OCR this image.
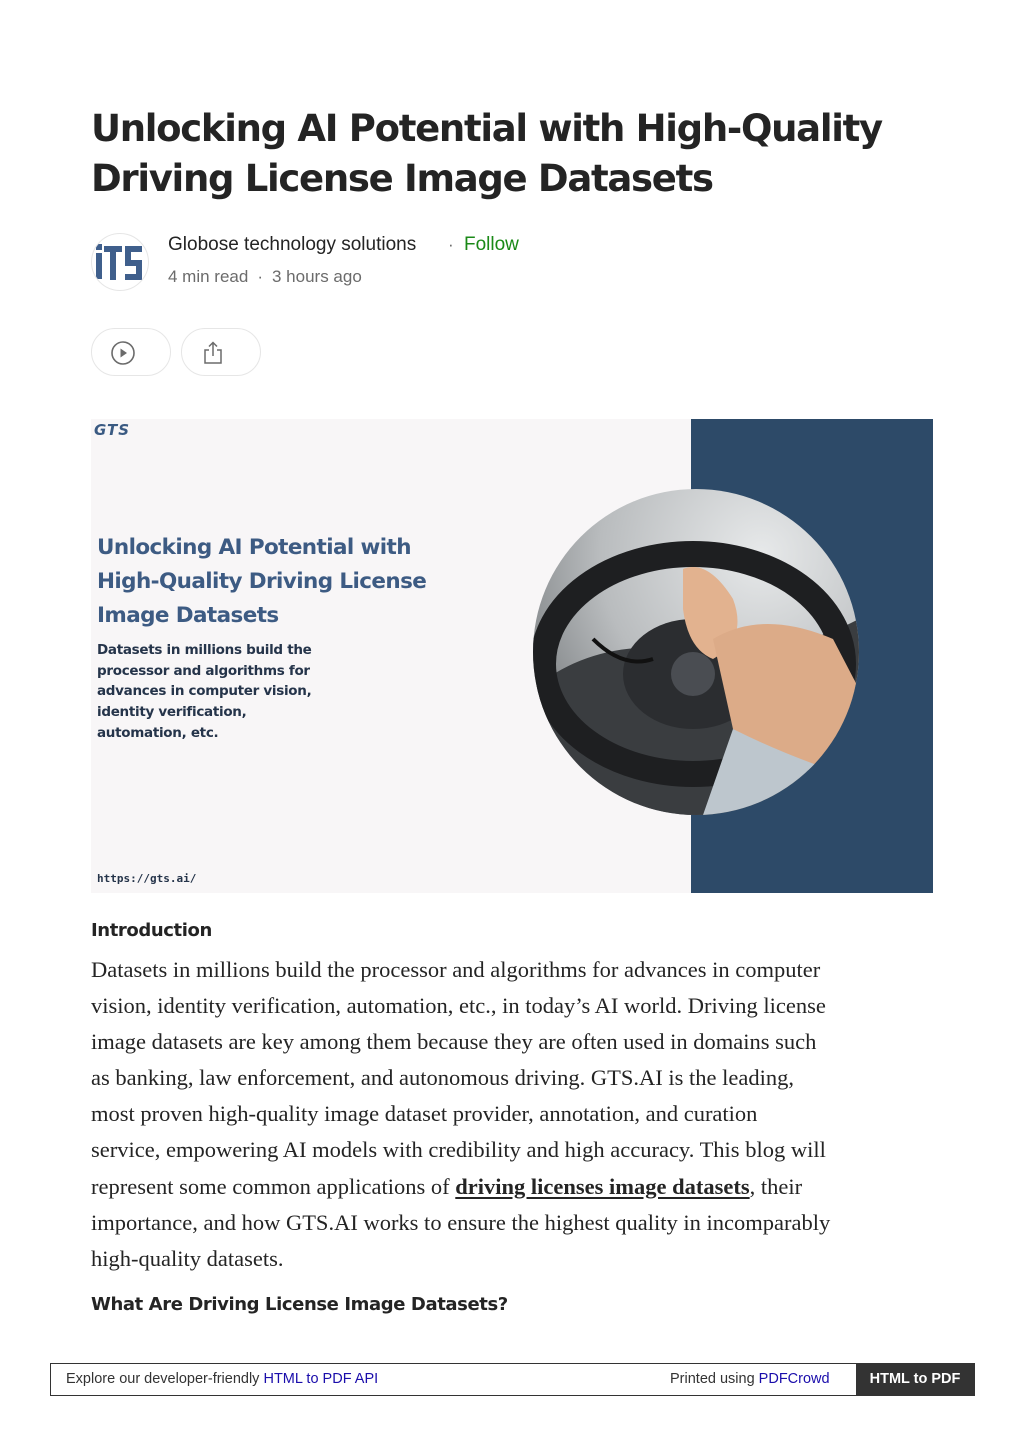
Unlocking AI Potential with High-Quality
Driving License Image Datasets
Globose technology solutions · Follow
4 min read · 3 hours ago
GTS
Unlocking AI Potential with
High-Quality Driving License
Image Datasets
Datasets in millions build the
processor and algorithms for
advances in computer vision,
identity verification,
automation, etc.
https://gts.ai/
Introduction
Datasets in millions build the processor and algorithms for advances in computer
vision, identity verification, automation, etc., in today’s AI world. Driving license
image datasets are key among them because they are often used in domains such
as banking, law enforcement, and autonomous driving. GTS.AI is the leading,
most proven high-quality image dataset provider, annotation, and curation
service, empowering AI models with credibility and high accuracy. This blog will
represent some common applications of driving licenses image datasets, their
importance, and how GTS.AI works to ensure the highest quality in incomparably
high-quality datasets.
What Are Driving License Image Datasets?
Explore our developer-friendly HTML to PDF API	Printed using PDFCrowd	HTML to PDF
